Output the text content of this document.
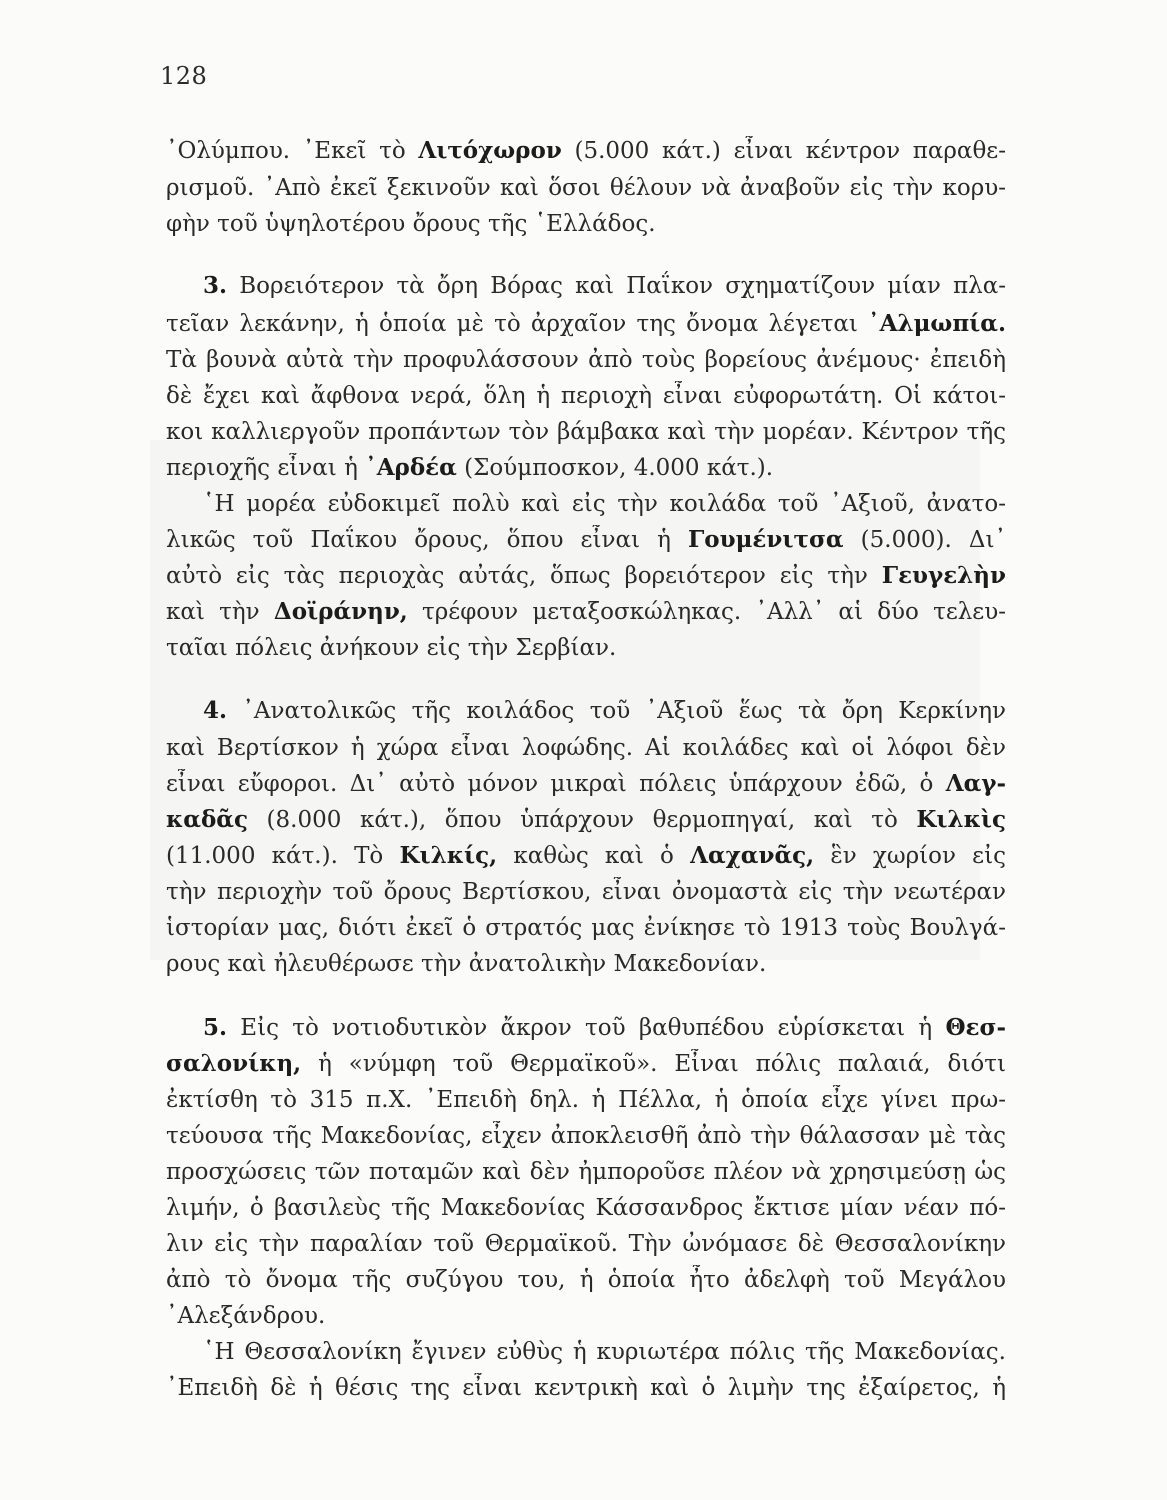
128
᾿Ολύμπου. ᾿Εκεῖ τὸ Λιτόχωρον (5.000 κάτ.) εἶναι κέντρον παραθε-
ρισμοῦ. ᾿Απὸ ἐκεῖ ξεκινοῦν καὶ ὅσοι θέλουν νὰ ἀναβοῦν εἰς τὴν κορυ-
φὴν τοῦ ὑψηλοτέρου ὄρους τῆς ῾Ελλάδος.
3. Βορειότερον τὰ ὄρη Βόρας καὶ Παΐκον σχηματίζουν μίαν πλα-
τεῖαν λεκάνην, ἡ ὁποία μὲ τὸ ἀρχαῖον της ὄνομα λέγεται ᾿Αλμωπία.
Τὰ βουνὰ αὐτὰ τὴν προφυλάσσουν ἀπὸ τοὺς βορείους ἀνέμους· ἐπειδὴ
δὲ ἔχει καὶ ἄφθονα νερά, ὅλη ἡ περιοχὴ εἶναι εὐφορωτάτη. Οἱ κάτοι-
κοι καλλιεργοῦν προπάντων τὸν βάμβακα καὶ τὴν μορέαν. Κέντρον τῆς
περιοχῆς εἶναι ἡ ᾿Αρδέα (Σούμποσκον, 4.000 κάτ.).
῾Η μορέα εὐδοκιμεῖ πολὺ καὶ εἰς τὴν κοιλάδα τοῦ ᾿Αξιοῦ, ἀνατο-
λικῶς τοῦ Παΐκου ὄρους, ὅπου εἶναι ἡ Γουμένιτσα (5.000). Δι᾿
αὐτὸ εἰς τὰς περιοχὰς αὐτάς, ὅπως βορειότερον εἰς τὴν Γευγελὴν
καὶ τὴν Δοϊράνην, τρέφουν μεταξοσκώληκας. ᾿Αλλ᾿ αἱ δύο τελευ-
ταῖαι πόλεις ἀνήκουν εἰς τὴν Σερβίαν.
4. ᾿Ανατολικῶς τῆς κοιλάδος τοῦ ᾿Αξιοῦ ἕως τὰ ὄρη Κερκίνην
καὶ Βερτίσκον ἡ χώρα εἶναι λοφώδης. Αἱ κοιλάδες καὶ οἱ λόφοι δὲν
εἶναι εὔφοροι. Δι᾿ αὐτὸ μόνον μικραὶ πόλεις ὑπάρχουν ἐδῶ, ὁ Λαγ-
καδᾶς (8.000 κάτ.), ὅπου ὑπάρχουν θερμοπηγαί, καὶ τὸ Κιλκὶς
(11.000 κάτ.). Τὸ Κιλκίς, καθὼς καὶ ὁ Λαχανᾶς, ἓν χωρίον εἰς
τὴν περιοχὴν τοῦ ὄρους Βερτίσκου, εἶναι ὀνομαστὰ εἰς τὴν νεωτέραν
ἱστορίαν μας, διότι ἐκεῖ ὁ στρατός μας ἐνίκησε τὸ 1913 τοὺς Βουλγά-
ρους καὶ ἠλευθέρωσε τὴν ἀνατολικὴν Μακεδονίαν.
5. Εἰς τὸ νοτιοδυτικὸν ἄκρον τοῦ βαθυπέδου εὑρίσκεται ἡ Θεσ-
σαλονίκη, ἡ «νύμφη τοῦ Θερμαϊκοῦ». Εἶναι πόλις παλαιά, διότι
ἐκτίσθη τὸ 315 π.Χ. ᾿Επειδὴ δηλ. ἡ Πέλλα, ἡ ὁποία εἶχε γίνει πρω-
τεύουσα τῆς Μακεδονίας, εἶχεν ἀποκλεισθῆ ἀπὸ τὴν θάλασσαν μὲ τὰς
προσχώσεις τῶν ποταμῶν καὶ δὲν ἠμποροῦσε πλέον νὰ χρησιμεύσῃ ὡς
λιμήν, ὁ βασιλεὺς τῆς Μακεδονίας Κάσσανδρος ἔκτισε μίαν νέαν πό-
λιν εἰς τὴν παραλίαν τοῦ Θερμαϊκοῦ. Τὴν ὠνόμασε δὲ Θεσσαλονίκην
ἀπὸ τὸ ὄνομα τῆς συζύγου του, ἡ ὁποία ἦτο ἀδελφὴ τοῦ Μεγάλου
᾿Αλεξάνδρου.
῾Η Θεσσαλονίκη ἔγινεν εὐθὺς ἡ κυριωτέρα πόλις τῆς Μακεδονίας.
᾿Επειδὴ δὲ ἡ θέσις της εἶναι κεντρικὴ καὶ ὁ λιμὴν της ἐξαίρετος, ἡ
